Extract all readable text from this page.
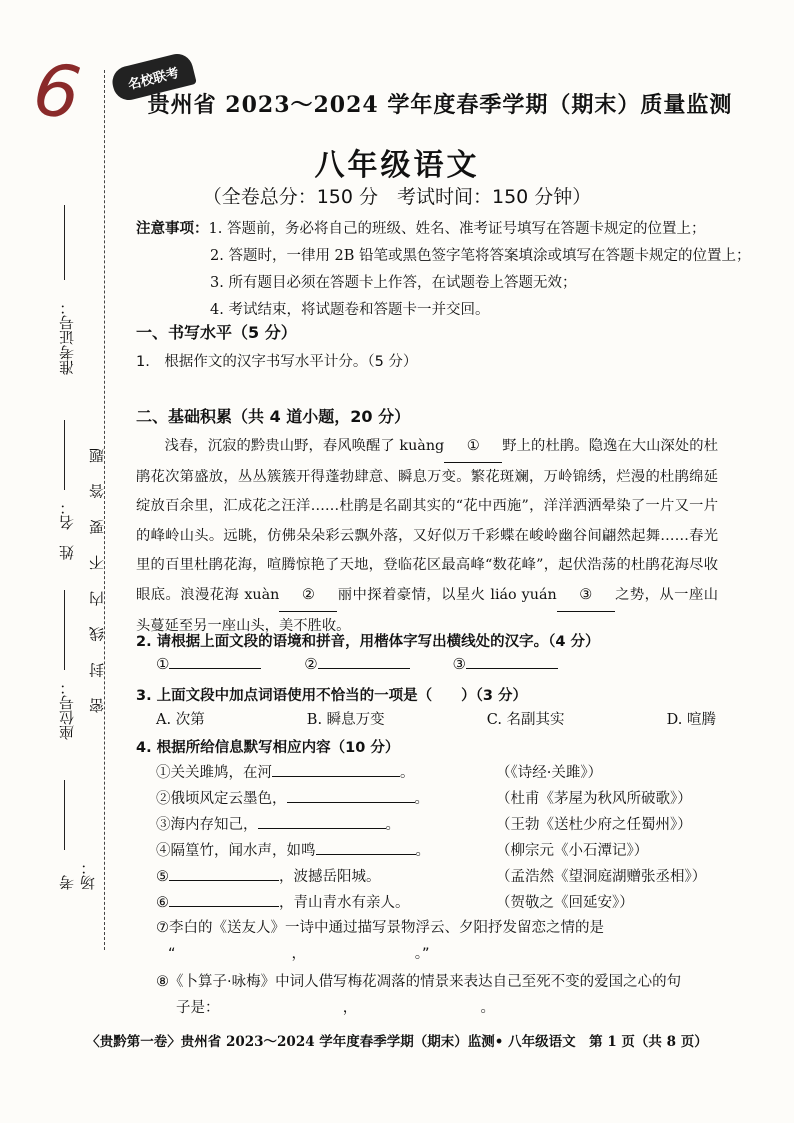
6	名校联考
贵州省 2023～2024 学年度春季学期（期末）质量监测
八年级语文
（全卷总分：150 分　考试时间：150 分钟）
注意事项：1. 答题前，务必将自己的班级、姓名、准考证号填写在答题卡规定的位置上；
2. 答题时，一律用 2B 铅笔或黑色签字笔将答案填涂或填写在答题卡规定的位置上；
3. 所有题目必须在答题卡上作答，在试题卷上答题无效；
4. 考试结束，将试题卷和答题卡一并交回。
一、书写水平（5 分）
1.　根据作文的汉字书写水平计分。（5 分）
二、基础积累（共 4 道小题，20 分）
浅春，沉寂的黔贵山野，春风唤醒了 kuàng ① 野上的杜鹃。隐逸在大山深处的杜鹃花次第盛放，丛丛簇簇开得蓬勃肆意、瞬息万变。繁花斑斓，万岭锦绣，烂漫的杜鹃绵延绽放百余里，汇成花之汪洋……杜鹃是名副其实的“花中西施”，洋洋洒洒晕染了一片又一片的峰岭山头。远眺，仿佛朵朵彩云飘外落，又好似万千彩蝶在峻岭幽谷间翩然起舞……春光里的百里杜鹃花海，喧腾惊艳了天地，登临花区最高峰“数花峰”，起伏浩荡的杜鹃花海尽收眼底。浪漫花海 xuàn ② 丽中探着豪情，以星火 liáo yuán ③ 之势，从一座山头蔓延至另一座山头，美不胜收。
2. 请根据上面文段的语境和拼音，用楷体字写出横线处的汉字。（4 分）
①	②	③
3. 上面文段中加点词语使用不恰当的一项是（　　）（3 分）
A. 次第	B. 瞬息万变	C. 名副其实	D. 喧腾
4. 根据所给信息默写相应内容（10 分）
①关关雎鸠，在河	。	（《诗经·关雎》）
②俄顷风定云墨色，	。	（杜甫《茅屋为秋风所破歌》）
③海内存知己，	。	（王勃《送杜少府之任蜀州》）
④隔篁竹，闻水声，如鸣	。	（柳宗元《小石潭记》）
⑤	，波撼岳阳城。	（孟浩然《望洞庭湖赠张丞相》）
⑥	，青山青水有亲人。	（贺敬之《回延安》）
⑦李白的《送友人》一诗中通过描写景物浮云、夕阳抒发留恋之情的是
“　　　　　　　　，　　　　　　　　。”
⑧《卜算子·咏梅》中词人借写梅花凋落的情景来表达自己至死不变的爱国之心的句
子是：　　　　　　　　　，　　　　　　　　　。
〈贵黔第一卷〉贵州省 2023～2024 学年度春季学期（期末）监测• 八年级语文　第 1 页（共 8 页）
准考证号：
姓　名：
座位号：
考　场：
密 封 线 内 不 要 答 题
